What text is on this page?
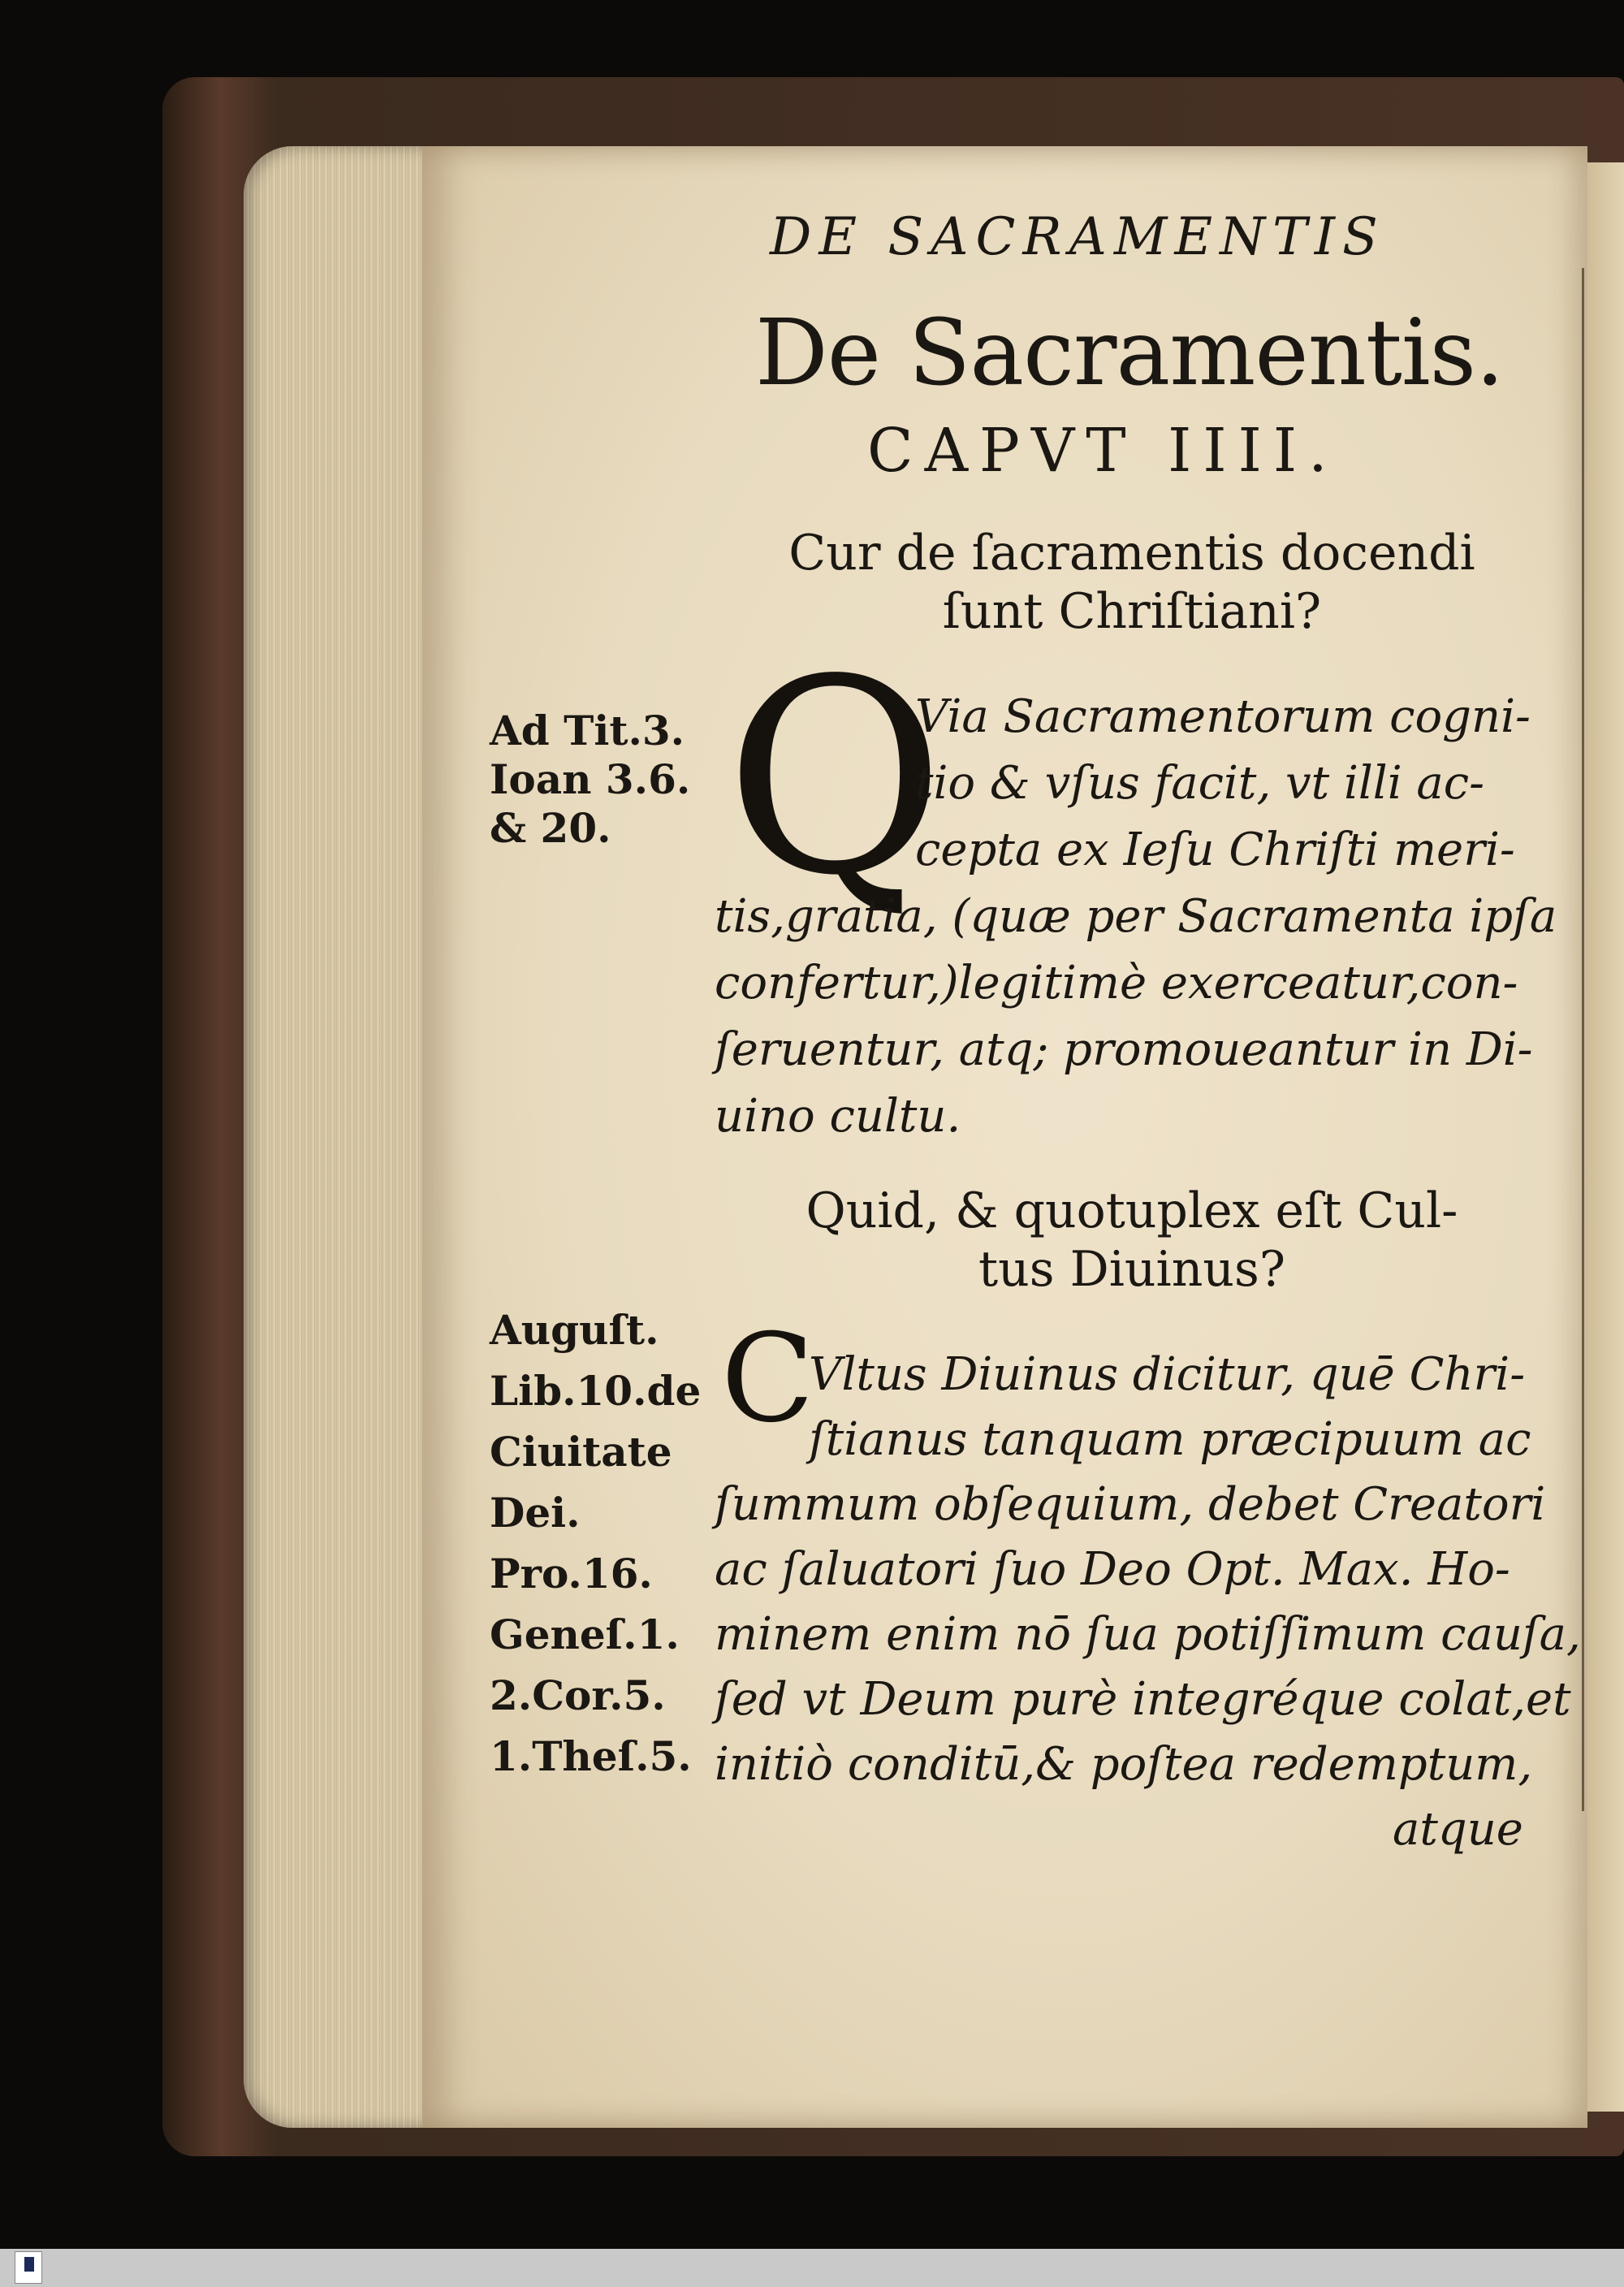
DE SACRAMENTIS
De Sacramentis.
CAPVT IIII.
Cur de ſacramentis docendi
ſunt Chriſtiani?
Ad Tit.3.
Ioan 3.6.
& 20. Q
Via Sacramentorum cogni-
tio & vſus facit, vt illi ac-
cepta ex Ieſu Chriſti meri-
tis,gratia, (quæ per Sacramenta ipſa
confertur,)legitimè exerceatur,con-
ſeruentur, atq; promoueantur in Di-
uino cultu.
Quid, & quotuplex eſt Cul-
tus Diuinus?
Auguſt.
Lib.10.de
Ciuitate
Dei.
Pro.16.
Geneſ.1.
2.Cor.5.
1.Theſ.5.
C
Vltus Diuinus dicitur, quē Chri-
ſtianus tanquam præcipuum ac
ſummum obſequium, debet Creatori
ac ſaluatori ſuo Deo Opt. Max. Ho-
minem enim nō ſua potiſſimum cauſa,
ſed vt Deum purè integréque colat,et
initiò conditū,& poſtea redemptum,
atque
